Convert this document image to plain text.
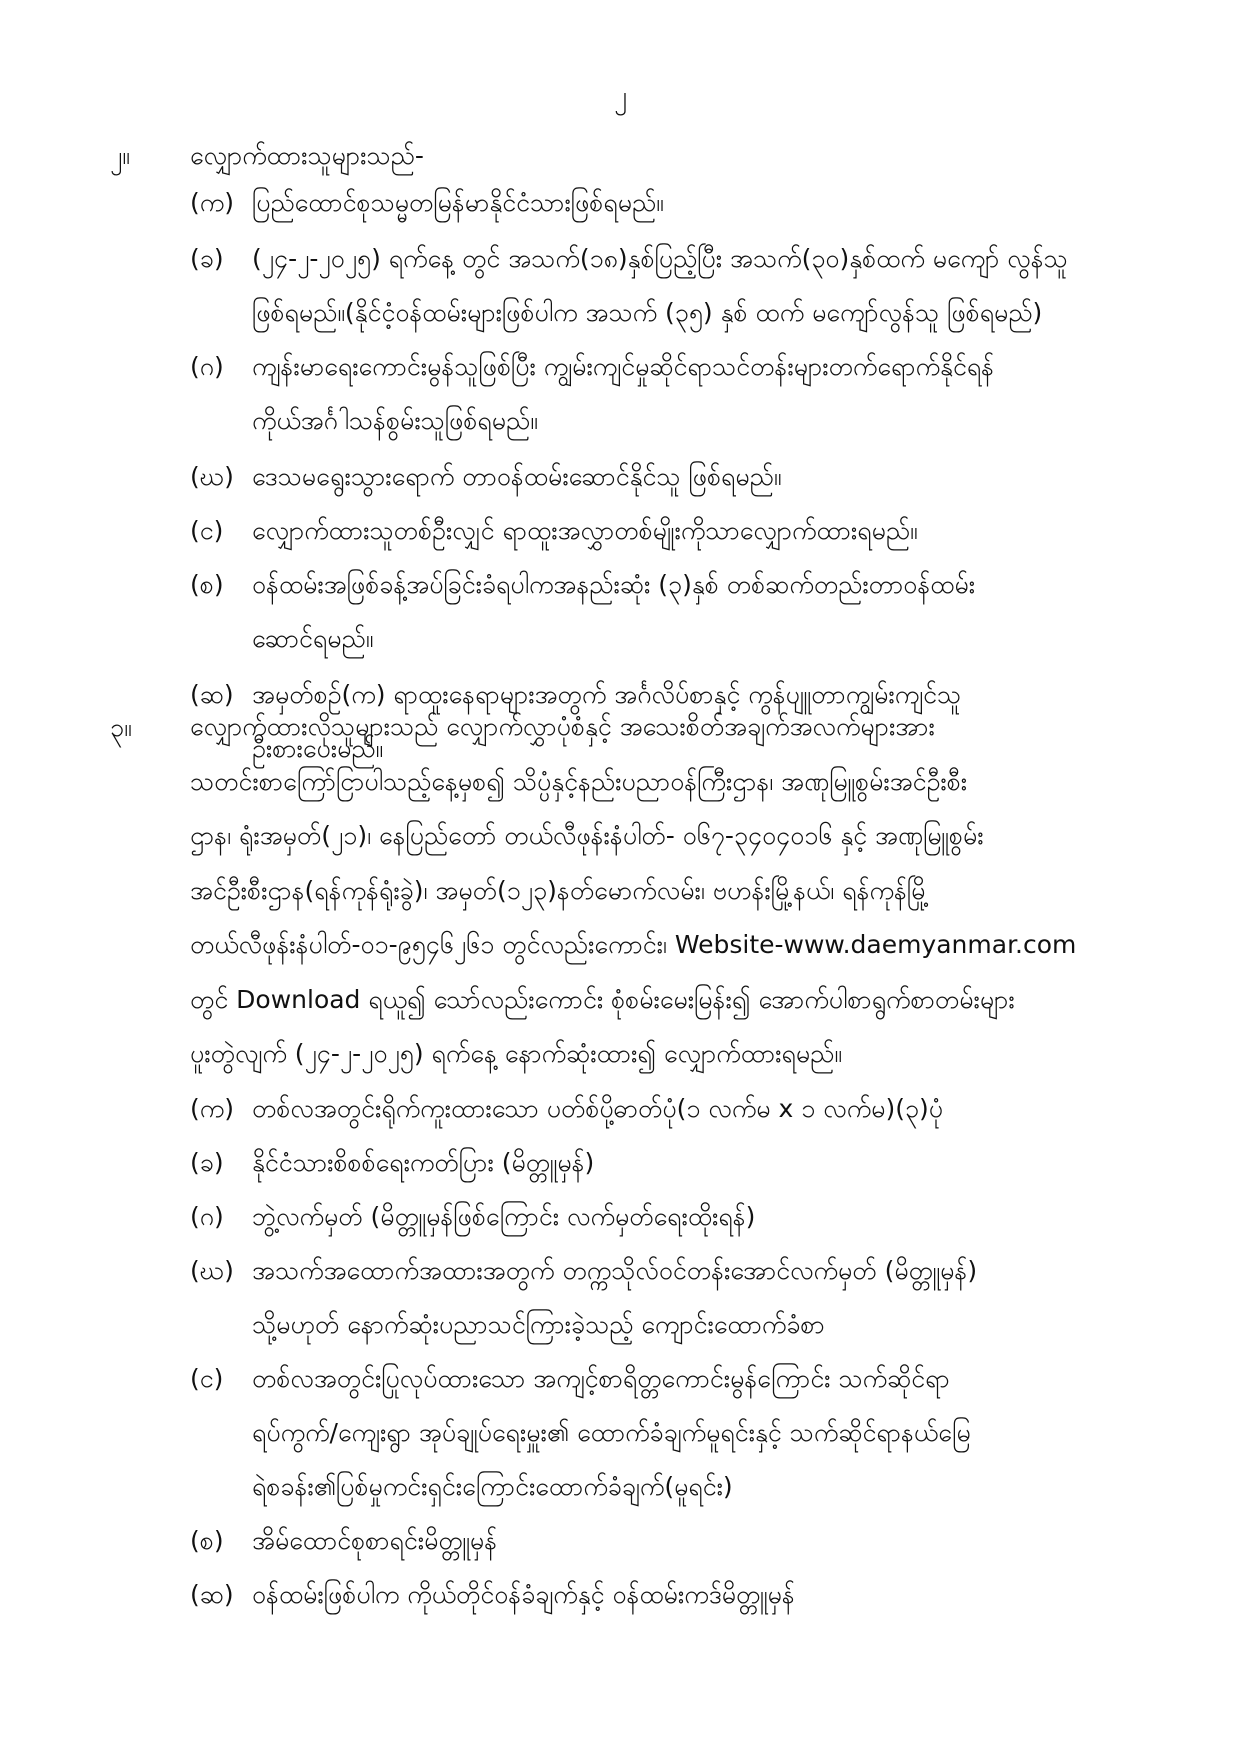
၂
၂။ လျှောက်ထားသူများသည်-
(က) ပြည်ထောင်စုသမ္မတမြန်မာနိုင်ငံသားဖြစ်ရမည်။
(ခ) (၂၄-၂-၂၀၂၅) ရက်နေ့ တွင် အသက်(၁၈)နှစ်ပြည့်ပြီး အသက်(၃၀)နှစ်ထက် မကျော် လွန်သူ
ဖြစ်ရမည်။(နိုင်ငံ့ဝန်ထမ်းများဖြစ်ပါက အသက် (၃၅) နှစ် ထက် မကျော်လွန်သူ ဖြစ်ရမည်)
(ဂ) ကျန်းမာရေးကောင်းမွန်သူဖြစ်ပြီး ကျွမ်းကျင်မှုဆိုင်ရာသင်တန်းများတက်ရောက်နိုင်ရန်
ကိုယ်အင်္ဂါသန်စွမ်းသူဖြစ်ရမည်။
(ဃ) ဒေသမရွေးသွားရောက် တာဝန်ထမ်းဆောင်နိုင်သူ ဖြစ်ရမည်။
(င) လျှောက်ထားသူတစ်ဦးလျှင် ရာထူးအလွှာတစ်မျိုးကိုသာလျှောက်ထားရမည်။
(စ) ဝန်ထမ်းအဖြစ်ခန့်အပ်ခြင်းခံရပါကအနည်းဆုံး (၃)နှစ် တစ်ဆက်တည်းတာဝန်ထမ်း
ဆောင်ရမည်။
(ဆ) အမှတ်စဉ်(က) ရာထူးနေရာများအတွက် အင်္ဂလိပ်စာနှင့် ကွန်ပျူတာကျွမ်းကျင်သူ
ဦးစားပေးမည်။
၃။ လျှောက်ထားလိုသူများသည် လျှောက်လွှာပုံစံနှင့် အသေးစိတ်အချက်အလက်များအား
သတင်းစာကြော်ငြာပါသည့်နေ့မှစ၍ သိပ္ပံနှင့်နည်းပညာဝန်ကြီးဌာန၊ အဏုမြူစွမ်းအင်ဦးစီး
ဌာန၊ ရုံးအမှတ်(၂၁)၊ နေပြည်တော် တယ်လီဖုန်းနံပါတ်- ၀၆၇-၃၄၀၄၀၁၆ နှင့် အဏုမြူစွမ်း
အင်ဦးစီးဌာန(ရန်ကုန်ရုံးခွဲ)၊ အမှတ်(၁၂၃)နတ်မောက်လမ်း၊ ဗဟန်းမြို့နယ်၊ ရန်ကုန်မြို့
တယ်လီဖုန်းနံပါတ်-၀၁-၉၅၄၆၂၆၁ တွင်လည်းကောင်း၊ Website-www.daemyanmar.com
တွင် Download ရယူ၍ သော်လည်းကောင်း စုံစမ်းမေးမြန်း၍ အောက်ပါစာရွက်စာတမ်းများ
ပူးတွဲလျက် (၂၄-၂-၂၀၂၅) ရက်နေ့ နောက်ဆုံးထား၍ လျှောက်ထားရမည်။
(က) တစ်လအတွင်းရိုက်ကူးထားသော ပတ်စ်ပို့ဓာတ်ပုံ(၁ လက်မ x ၁ လက်မ)(၃)ပုံ
(ခ) နိုင်ငံသားစိစစ်ရေးကတ်ပြား (မိတ္တူမှန်)
(ဂ) ဘွဲ့လက်မှတ် (မိတ္တူမှန်ဖြစ်ကြောင်း လက်မှတ်ရေးထိုးရန်)
(ဃ) အသက်အထောက်အထားအတွက် တက္ကသိုလ်ဝင်တန်းအောင်လက်မှတ် (မိတ္တူမှန်)
သို့မဟုတ် နောက်ဆုံးပညာသင်ကြားခဲ့သည့် ကျောင်းထောက်ခံစာ
(င) တစ်လအတွင်းပြုလုပ်ထားသော အကျင့်စာရိတ္တကောင်းမွန်ကြောင်း သက်ဆိုင်ရာ
ရပ်ကွက်/ကျေးရွာ အုပ်ချုပ်ရေးမှူး၏ ထောက်ခံချက်မူရင်းနှင့် သက်ဆိုင်ရာနယ်မြေ
ရဲစခန်း၏ပြစ်မှုကင်းရှင်းကြောင်းထောက်ခံချက်(မူရင်း)
(စ) အိမ်ထောင်စုစာရင်းမိတ္တူမှန်
(ဆ) ဝန်ထမ်းဖြစ်ပါက ကိုယ်တိုင်ဝန်ခံချက်နှင့် ဝန်ထမ်းကဒ်မိတ္တူမှန်
